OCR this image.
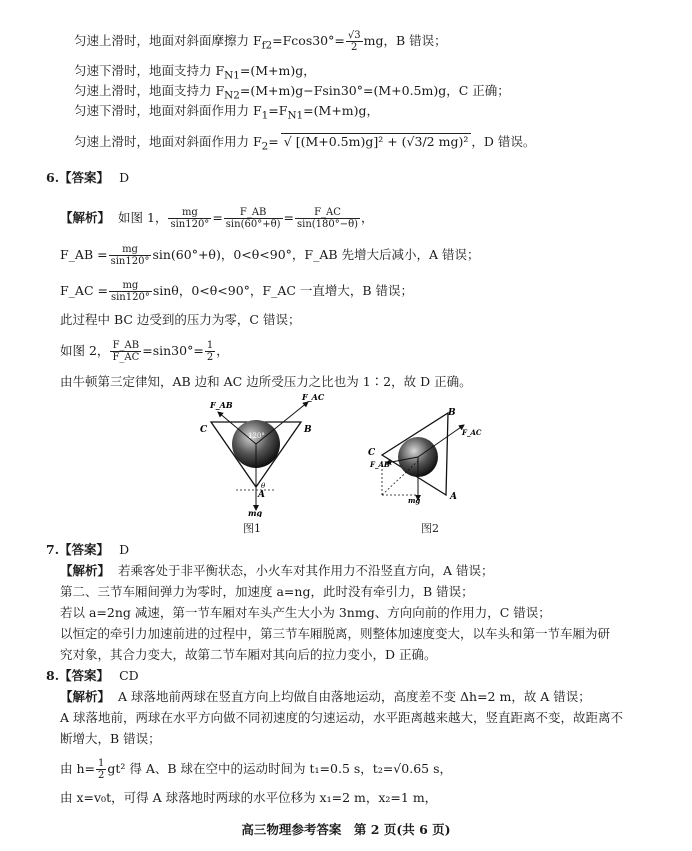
匀速上滑时，地面对斜面摩擦力 $F_{f2}=Fcos30^\circ= \frac{√3}{2}$ mg，B 错误；
匀速下滑时，地面支持力 $F_{N1}=(M+m)g$，
匀速上滑时，地面支持力 $F_{N2}=(M+m)g-Fsin30^\circ=(M+0.5m)g$，C 正确；
匀速下滑时，地面对斜面作用力 $F_1=F_{N1}=(M+m)g$，
匀速上滑时，地面对斜面作用力 $F_2=$ √ [(M+0.5m)g]² + (√3/2 mg)² ，D 错误。
6.【答案】 D
【解析】 如图 1， $\frac{mg}{\sin 120^\circ} = \frac{F\_AB}{\sin(60^\circ+\theta)} = \frac{F\_AC}{\sin(180^\circ-\theta)}$ ，
F_AB = $\frac{mg}{\sin 120^\circ} \sin(60^\circ+\theta)$，0<θ<90°，F_AB 先增大后减小，A 错误；
F_AC = $\frac{mg}{\sin 120^\circ}$ sinθ，0<θ<90°，F_AC 一直增大，B 错误；
此过程中 BC 边受到的压力为零，C 错误；
如图 2， $\frac{F\_AB}{F\_AC} =\sin 30^\circ= \frac{1}{2}$ ，
由牛顿第三定律知，AB 边和 AC 边所受压力之比也为 1∶2，故 D 正确。
F_AB
F_AC
C	B
A
120°
θ
mg
图1
C
F_AB
B
F_AC
A
mg
图2
7.【答案】 D
【解析】 若乘客处于非平衡状态，小火车对其作用力不沿竖直方向，A 错误；
第二、三节车厢间弹力为零时，加速度 a=ng，此时没有牵引力，B 错误；
若以 a=2ng 减速，第一节车厢对车头产生大小为 3nmg、方向向前的作用力，C 错误；
以恒定的牵引力加速前进的过程中，第三节车厢脱离，则整体加速度变大，以车头和第一节车厢为研
究对象，其合力变大，故第二节车厢对其向后的拉力变小，D 正确。
8.【答案】 CD
【解析】 A 球落地前两球在竖直方向上均做自由落地运动，高度差不变 Δh=2 m，故 A 错误；
A 球落地前，两球在水平方向做不同初速度的匀速运动，水平距离越来越大，竖直距离不变，故距离不
断增大，B 错误；
由 $h= \frac{1}{2} gt^2$ 得 A、B 球在空中的运动时间为 t₁=0.5 s，t₂=√0.65 s，
由 x=v₀t，可得 A 球落地时两球的水平位移为 x₁=2 m，x₂=1 m，
高三物理参考答案　第 2 页(共 6 页)
